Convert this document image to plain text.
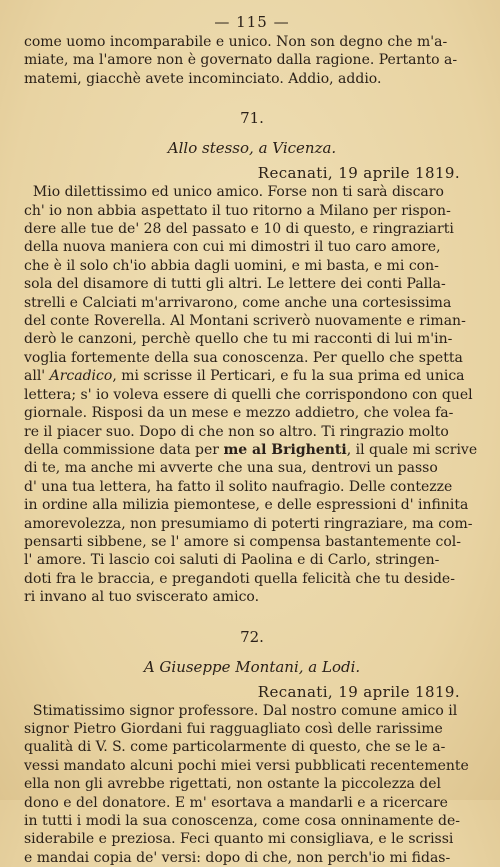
— 115 —

come uomo incomparabile e unico. Non son degno che m'a-

miate, ma l'amore non è governato dalla ragione. Pertanto a-

matemi, giacchè avete incominciato. Addio, addio.

71.
Allo stesso, a Vicenza.
Recanati, 19 aprile 1819.

Mio dilettissimo ed unico amico. Forse non ti sarà discaro

ch' io non abbia aspettato il tuo ritorno a Milano per rispon-

dere alle tue de' 28 del passato e 10 di questo, e ringraziarti

della nuova maniera con cui mi dimostri il tuo caro amore,

che è il solo ch'io abbia dagli uomini, e mi basta, e mi con-

sola del disamore di tutti gli altri. Le lettere dei conti Palla-

strelli e Calciati m'arrivarono, come anche una cortesissima

del conte Roverella. Al Montani scriverò nuovamente e riman-

derò le canzoni, perchè quello che tu mi racconti di lui m'in-

voglia fortemente della sua conoscenza. Per quello che spetta

all' Arcadico, mi scrisse il Perticari, e fu la sua prima ed unica

lettera; s' io voleva essere di quelli che corrispondono con quel

giornale. Risposi da un mese e mezzo addietro, che volea fa-

re il piacer suo. Dopo di che non so altro. Ti ringrazio molto

della commissione data per me al Brighenti, il quale mi scrive

di te, ma anche mi avverte che una sua, dentrovi un passo

d' una tua lettera, ha fatto il solito naufragio. Delle contezze

in ordine alla milizia piemontese, e delle espressioni d' infinita

amorevolezza, non presumiamo di poterti ringraziare, ma com-

pensarti sibbene, se l' amore si compensa bastantemente col-

l' amore. Ti lascio coi saluti di Paolina e di Carlo, stringen-

doti fra le braccia, e pregandoti quella felicità che tu deside-

ri invano al tuo sviscerato amico.

72.
A Giuseppe Montani, a Lodi.
Recanati, 19 aprile 1819.

Stimatissimo signor professore. Dal nostro comune amico il

signor Pietro Giordani fui ragguagliato così delle rarissime

qualità di V. S. come particolarmente di questo, che se le a-

vessi mandato alcuni pochi miei versi pubblicati recentemente

ella non gli avrebbe rigettati, non ostante la piccolezza del

dono e del donatore. E m' esortava a mandarli e a ricercare

in tutti i modi la sua conoscenza, come cosa onninamente de-

siderabile e preziosa. Feci quanto mi consigliava, e le scrissi

e mandai copia de' versi: dopo di che, non perch'io mi fidas-
